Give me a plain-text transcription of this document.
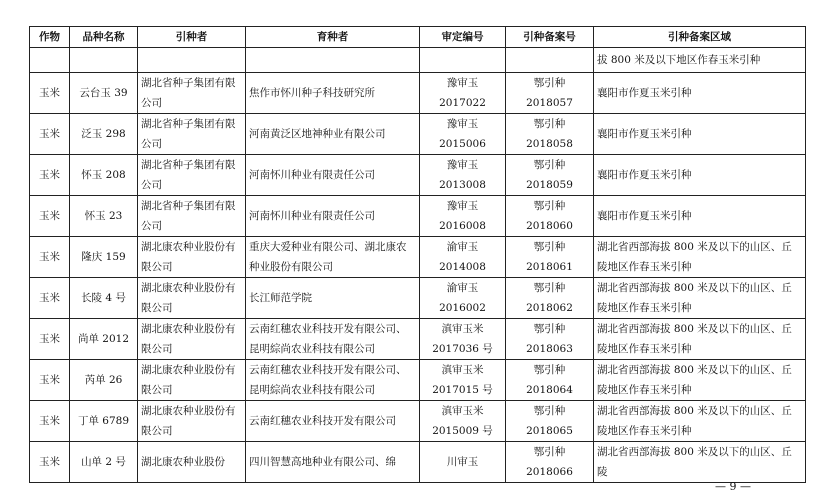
作物	品种名称	引种者	育种者	审定编号	引种备案号	引种备案区域
						拔 800 米及以下地区作春玉米引种
玉米	云台玉 39	湖北省种子集团有限公司	焦作市怀川种子科技研究所	豫审玉 2017022	鄂引种 2018057	襄阳市作夏玉米引种
玉米	泛玉 298	湖北省种子集团有限公司	河南黄泛区地神种业有限公司	豫审玉 2015006	鄂引种 2018058	襄阳市作夏玉米引种
玉米	怀玉 208	湖北省种子集团有限公司	河南怀川种业有限责任公司	豫审玉 2013008	鄂引种 2018059	襄阳市作夏玉米引种
玉米	怀玉 23	湖北省种子集团有限公司	河南怀川种业有限责任公司	豫审玉 2016008	鄂引种 2018060	襄阳市作夏玉米引种
玉米	隆庆 159	湖北康农种业股份有限公司	重庆大爱种业有限公司、湖北康农种业股份有限公司	渝审玉 2014008	鄂引种 2018061	湖北省西部海拔 800 米及以下的山区、丘陵地区作春玉米引种
玉米	长陵 4 号	湖北康农种业股份有限公司	长江师范学院	渝审玉 2016002	鄂引种 2018062	湖北省西部海拔 800 米及以下的山区、丘陵地区作春玉米引种
玉米	尚单 2012	湖北康农种业股份有限公司	云南红穗农业科技开发有限公司、昆明綜尚农业科技有限公司	滇审玉米 2017036 号	鄂引种 2018063	湖北省西部海拔 800 米及以下的山区、丘陵地区作春玉米引种
玉米	芮单 26	湖北康农种业股份有限公司	云南红穗农业科技开发有限公司、昆明綜尚农业科技有限公司	滇审玉米 2017015 号	鄂引种 2018064	湖北省西部海拔 800 米及以下的山区、丘陵地区作春玉米引种
玉米	丁单 6789	湖北康农种业股份有限公司	云南红穗农业科技开发有限公司	滇审玉米 2015009 号	鄂引种 2018065	湖北省西部海拔 800 米及以下的山区、丘陵地区作春玉米引种
玉米	山单 2 号	湖北康农种业股份	四川智慧高地种业有限公司、绵	川审玉	鄂引种 2018066	湖北省西部海拔 800 米及以下的山区、丘陵
— 9 —
